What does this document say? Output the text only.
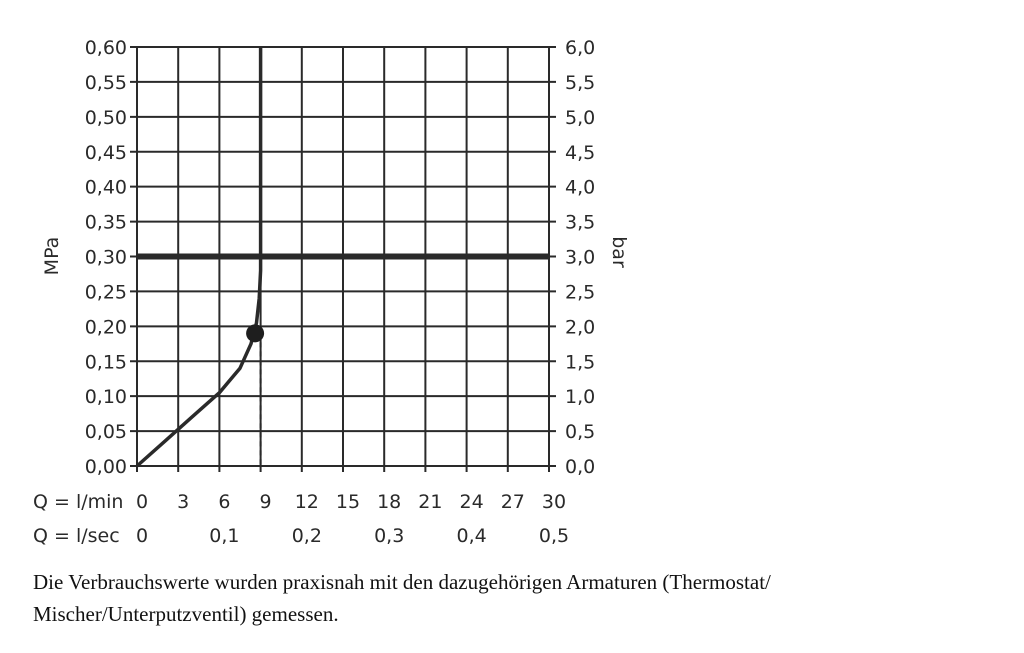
0,00
0,05
0,10
0,15
0,20
0,25
0,30
0,35
0,40
0,45
0,50
0,55
0,60
0,0
0,5
1,0
1,5
2,0
2,5
3,0
3,5
4,0
4,5
5,0
5,5
6,0
0 3 6 9 12 15 18 21 24 27 30
0	0,1	0,2	0,3	0,4	0,5
MPa	bar
Q = l/min
Q = l/sec
Die Verbrauchswerte wurden praxisnah mit den dazugehörigen Armaturen (Thermostat/
Mischer/Unterputzventil) gemessen.
